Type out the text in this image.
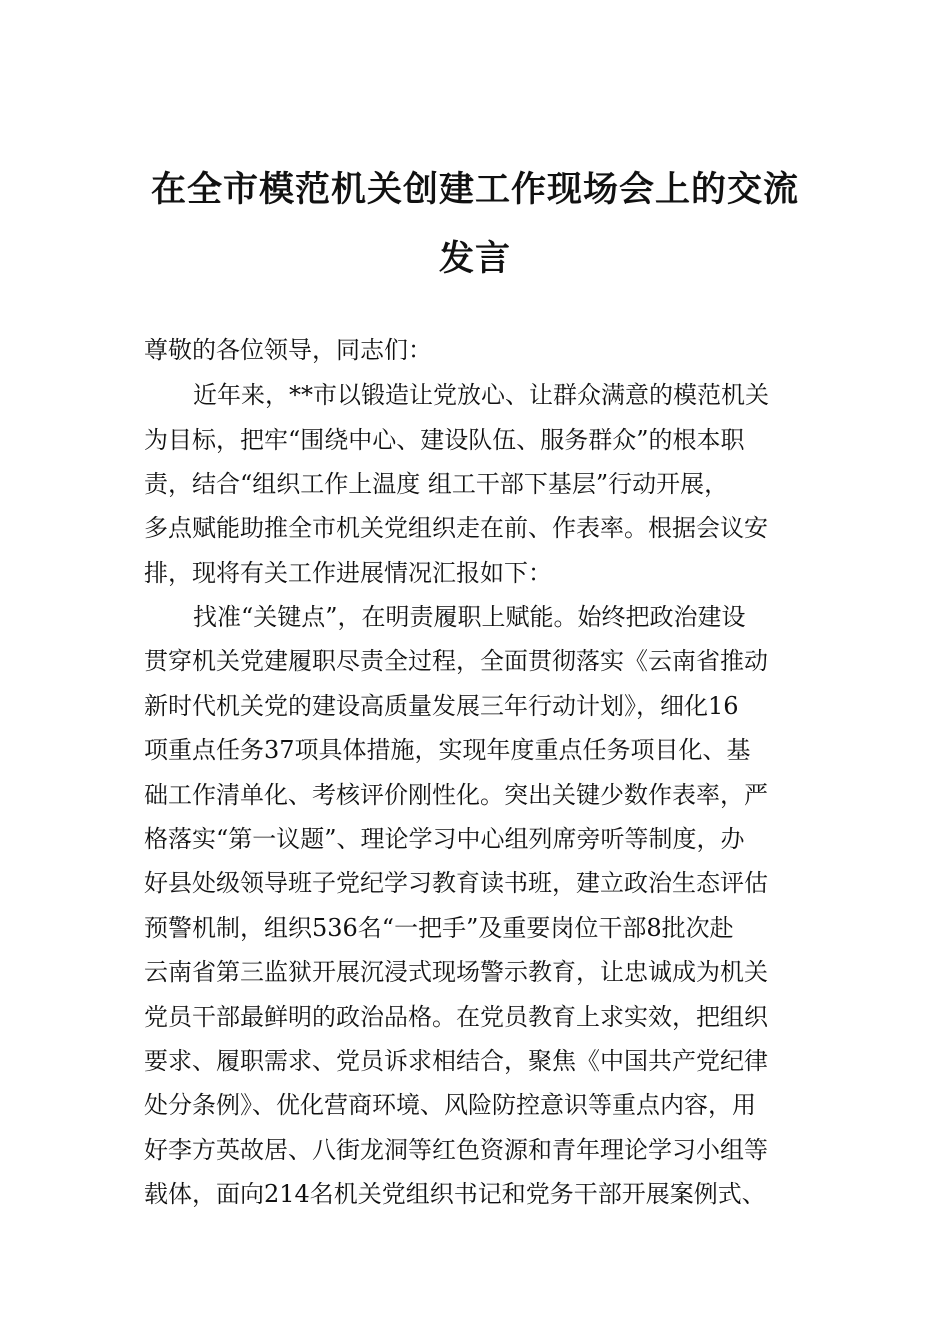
在全市模范机关创建工作现场会上的交流
发言

尊敬的各位领导，同志们：

近年来，**市以锻造让党放心、让群众满意的模范机关

为目标，把牢“围绕中心、建设队伍、服务群众”的根本职

责，结合“组织工作上温度 组工干部下基层”行动开展，

多点赋能助推全市机关党组织走在前、作表率。根据会议安

排，现将有关工作进展情况汇报如下：

找准“关键点”，在明责履职上赋能。始终把政治建设

贯穿机关党建履职尽责全过程，全面贯彻落实《云南省推动

新时代机关党的建设高质量发展三年行动计划》，细化16

项重点任务37项具体措施，实现年度重点任务项目化、基

础工作清单化、考核评价刚性化。突出关键少数作表率，严

格落实“第一议题”、理论学习中心组列席旁听等制度，办

好县处级领导班子党纪学习教育读书班，建立政治生态评估

预警机制，组织536名“一把手”及重要岗位干部8批次赴

云南省第三监狱开展沉浸式现场警示教育，让忠诚成为机关

党员干部最鲜明的政治品格。在党员教育上求实效，把组织

要求、履职需求、党员诉求相结合，聚焦《中国共产党纪律

处分条例》、优化营商环境、风险防控意识等重点内容，用

好李方英故居、八街龙洞等红色资源和青年理论学习小组等

载体，面向214名机关党组织书记和党务干部开展案例式、
